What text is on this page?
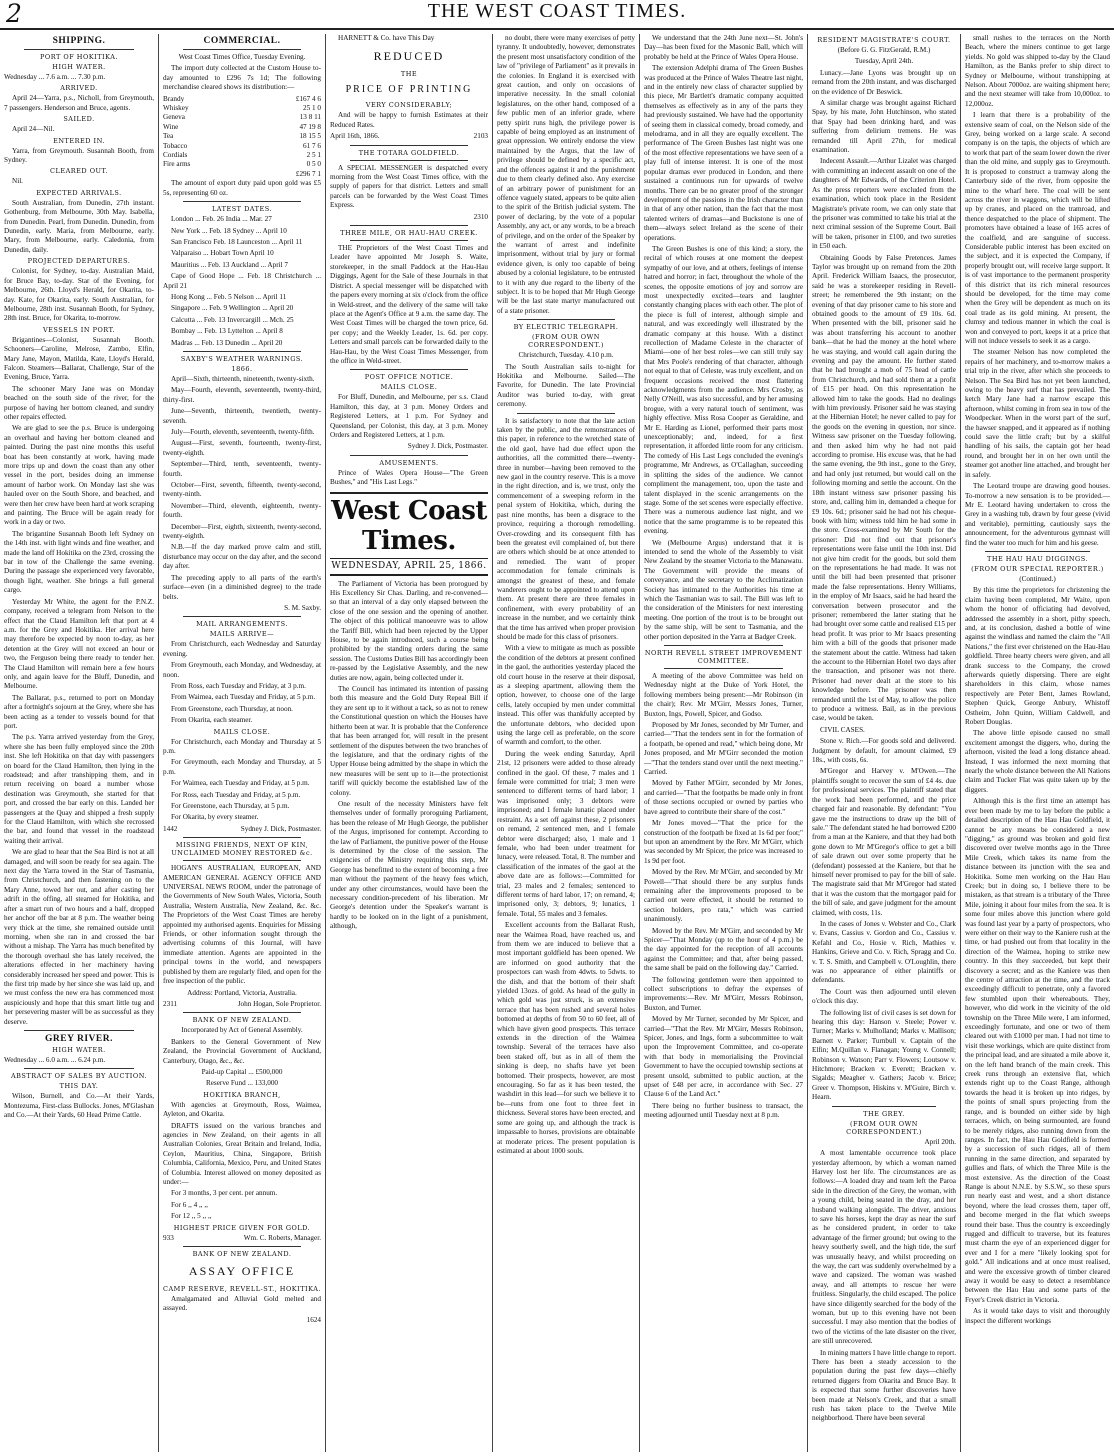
2	THE WEST COAST TIMES.
SHIPPING.
PORT OF HOKITIKA.
HIGH WATER.
Wednesday ... 7.6 a.m. ... 7.30 p.m.
ARRIVED.

April 24—Yarra, p.s., Nicholl, from Greymouth, 7 passengers. Henderson and Bruce, agents.

SAILED.

April 24—Nil.

ENTERED IN.

Yarra, from Greymouth. Susannah Booth, from Sydney.

CLEARED OUT.

Nil.

EXPECTED ARRIVALS.

South Australian, from Dunedin, 27th instant. Gothenburg, from Melbourne, 30th May. Isabella, from Dunedin. Pearl, from Dunedin. Dunedin, from Dunedin, early. Maria, from Melbourne, early. Mary, from Melbourne, early. Caledonia, from Dunedin, daily.

PROJECTED DEPARTURES.

Colonist, for Sydney, to-day. Australian Maid, for Bruce Bay, to-day. Star of the Evening, for Melbourne, 26th. Lloyd's Herald, for Okarita, to-day. Kate, for Okarita, early. South Australian, for Melbourne, 28th inst. Susannah Booth, for Sydney, 28th inst. Bruce, for Okarita, to-morrow.

VESSELS IN PORT.

Brigantines—Colonist, Susannah Booth. Schooners—Caroline, Melrose, Zambo, Elfin, Mary Jane, Mayon, Matilda, Kate, Lloyd's Herald, Falcon. Steamers—Ballarat, Challenge, Star of the Evening, Bruce, Yarra.

The schooner Mary Jane was on Monday beached on the south side of the river, for the purpose of having her bottom cleaned, and sundry other repairs effected.

We are glad to see the p.s. Bruce is undergoing an overhaul and having her bottom cleaned and painted. During the past nine months this useful boat has been constantly at work, having made more trips up and down the coast than any other vessel in the port, besides doing an immense amount of harbor work. On Monday last she was hauled over on the South Shore, and beached, and were then her crew have been hard at work scraping and painting. The Bruce will be again ready for work in a day or two.

The brigantine Susannah Booth left Sydney on the 14th inst. with light winds and fine weather, and made the land off Hokitika on the 23rd, crossing the bar in tow of the Challenge the same evening. During the passage she experienced very favorable, though light, weather. She brings a full general cargo.

Yesterday Mr White, the agent for the P.N.Z. company, received a telegram from Nelson to the effect that the Claud Hamilton left that port at 4 a.m. for the Grey and Hokitika. Her arrival here may therefore be expected by noon to-day, as her detention at the Grey will not exceed an hour or two, the Ferguson being there ready to tender her. The Claud Hamilton will remain here a few hours only, and again leave for the Bluff, Dunedin, and Melbourne.

The Ballarat, p.s., returned to port on Monday after a fortnight's sojourn at the Grey, where she has been acting as a tender to vessels bound for that port.

The p.s. Yarra arrived yesterday from the Grey, where she has been fully employed since the 20th inst. She left Hokitika on that day with passengers on board for the Claud Hamilton, then lying in the roadstead; and after transhipping them, and in return receiving on board a number whose destination was Greymouth, she started for that port, and crossed the bar early on this. Landed her passengers at the Quay and shipped a fresh supply for the Claud Hamilton, with which she recrossed the bar, and found that vessel in the roadstead waiting their arrival.

We are glad to hear that the Sea Bird is not at all damaged, and will soon be ready for sea again. The next day the Yarra towed in the Star of Tasmania, from Christchurch, and then fastening on to the Mary Anne, towed her out, and after casting her adrift in the offing, all steamed for Hokitika, and after a smart run of two hours and a half, dropped her anchor off the bar at 8 p.m. The weather being very thick at the time, she remained outside until morning, when she ran in and crossed the bar without a mishap. The Yarra has much benefited by the thorough overhaul she has lately received, the alterations effected in her machinery having considerably increased her speed and power. This is the first trip made by her since she was laid up, and we must confess the new era has commenced most auspiciously and hope that this smart little tug and her persevering master will be as successful as they deserve.

GREY RIVER.
HIGH WATER.
Wednesday ... 6.0 a.m. ... 6.24 p.m.
ABSTRACT OF SALES BY AUCTION.
THIS DAY.

Wilson, Burnell, and Co.—At their Yards, Montezuma, First-class Bullocks. Jones, M'Glashan and Co.—At their Yards, 60 Head Prime Cattle.

COMMERCIAL.

West Coast Times Office, Tuesday Evening.

The import duty collected at the Custom House to-day amounted to £296 7s 1d; The following merchandise cleared shows its distribution:—

Brandy	£167 4 6
Whiskey	25 1 0
Geneva	13 8 11
Wine	47 19 8
Tea	18 15 5
Tobacco	61 7 6
Cordials	2 5 1
Fire arms	0 5 0
£296 7 1

The amount of export duty paid upon gold was £5 5s, representing 60 oz.

LATEST DATES.

London ... Feb. 26 India ... Mar. 27

New York ... Feb. 18 Sydney ... April 10

San Francisco Feb. 18 Launceston ... April 11

Valparaiso ... Hobart Town April 10

Mauritius ... Feb. 13 Auckland ... April 7

Cape of Good Hope ... Feb. 18 Christchurch ... April 21

Hong Kong ... Feb. 5 Nelson ... April 11

Singapore ... Feb. 9 Wellington ... April 20

Calcutta ... Feb. 13 Invercargill ... Mch. 25

Bombay ... Feb. 13 Lyttelton ... April 8

Madras ... Feb. 13 Dunedin ... April 20

SAXBY'S WEATHER WARNINGS.
1866.

April—Sixth, thirteenth, nineteenth, twenty-sixth.

May—Fourth, eleventh, seventeenth, twenty-third, thirty-first.

June—Seventh, thirteenth, twentieth, twenty-seventh.

July—Fourth, eleventh, seventeenth, twenty-fifth.

August—First, seventh, fourteenth, twenty-first, twenty-eighth.

September—Third, tenth, seventeenth, twenty-fourth.

October—First, seventh, fifteenth, twenty-second, twenty-ninth.

November—Third, eleventh, eighteenth, twenty-fourth.

December—First, eighth, sixteenth, twenty-second, twenty-eighth.

N.B.—If the day marked prove calm and still, disturbance may occur on the day after, and the second day after.

The preceding apply to all parts of the earth's surface—even (in a diminished degree) to the trade belts.

S. M. Saxby.

MAIL ARRANGEMENTS.
MAILS ARRIVE—

From Christchurch, each Wednesday and Saturday evening.

From Greymouth, each Monday, and Wednesday, at noon.

From Ross, each Tuesday and Friday, at 3 p.m.

From Waimea, each Tuesday and Friday, at 5 p.m.

From Greenstone, each Thursday, at noon.

From Okarita, each steamer.

MAILS CLOSE.

For Christchurch, each Monday and Thursday at 5 p.m.

For Greymouth, each Monday and Thursday, at 5 p.m.

For Waimea, each Tuesday and Friday, at 5 p.m.

For Ross, each Tuesday and Friday, at 5 p.m.

For Greenstone, each Thursday, at 5 p.m.

For Okarita, by every steamer.

1442	Sydney J. Dick, Postmaster.
MISSING FRIENDS, NEXT OF KIN, UNCLAIMED MONEY RESTORED &c.

HOGAN'S AUSTRALIAN, EUROPEAN, AND AMERICAN GENERAL AGENCY OFFICE AND UNIVERSAL NEWS ROOM, under the patronage of the Governments of New South Wales, Victoria, South Australia, Western Australia, New Zealand, &c. &c. The Proprietors of the West Coast Times are hereby appointed my authorised agents. Enquiries for Missing Friends, or other information sought through the advertising columns of this Journal, will have immediate attention. Agents are appointed in the principal towns in the world, and newspapers published by them are regularly filed, and open for the free inspection of the public.

Address: Portland, Victoria, Australia.

2311	John Hogan, Sole Proprietor.
BANK OF NEW ZEALAND.

Incorporated by Act of General Assembly.

Bankers to the General Government of New Zealand, the Provincial Government of Auckland, Canterbury, Otago, &c., &c.

Paid-up Capital ... £500,000

Reserve Fund ... 133,000

HOKITIKA BRANCH,

With agencies at Greymouth, Ross, Waimea, Ayleton, and Okarita.

DRAFTS issued on the various branches and agencies in New Zealand, on their agents in all Australian Colonies, Great Britain and Ireland, India, Ceylon, Mauritius, China, Singapore, British Columbia, California, Mexico, Peru, and United States of Columbia. Interest allowed on money deposited as under:—

For 3 months, 3 per cent. per annum.

For 6 ,, 4 ,, ,,

For 12 ,, 5 ,, ,,

HIGHEST PRICE GIVEN FOR GOLD.
933	Wm. C. Roberts, Manager.
BANK OF NEW ZEALAND.
ASSAY OFFICE
CAMP RESERVE, REVELL-ST., HOKITIKA.

Amalgamated and Alluvial Gold melted and assayed.

1624

HARNETT & Co. have This Day

REDUCED
THE
PRICE OF PRINTING
VERY CONSIDERABLY;

And will be happy to furnish Estimates at their Reduced Rates.

April 16th, 1866.	2103
THE TOTARA GOLDFIELD.

A SPECIAL MESSENGER is despatched every morning from the West Coast Times office, with the supply of papers for that district. Letters and small parcels can be forwarded by the West Coast Times Express.

2310

THREE MILE, OR HAU-HAU CREEK.

THE Proprietors of the West Coast Times and Leader have appointed Mr Joseph S. Waite, storekeeper, in the small Paddock at the Hau-Hau Diggings, Agent for the Sale of these Journals in that District. A special messenger will be dispatched with the papers every morning at six o'clock from the office in Weld-street, and the delivery of the same will take place at the Agent's Office at 9 a.m. the same day. The West Coast Times will be charged the town price, 6d. per copy; and the Weekly Leader, 1s. 6d. per copy. Letters and small parcels can be forwarded daily to the Hau-Hau, by the West Coast Times Messenger, from the office in Weld-street.

POST OFFICE NOTICE.
MAILS CLOSE.

For Bluff, Dunedin, and Melbourne, per s.s. Claud Hamilton, this day, at 3 p.m. Money Orders and Registered Letters, at 1 p.m. For Sydney and Queensland, per Colonist, this day, at 3 p.m. Money Orders and Registered Letters, at 1 p.m.

Sydney J. Dick, Postmaster.

AMUSEMENTS.

Prince of Wales Opera House—"The Green Bushes," and "His Last Legs."

West Coast Times.
WEDNESDAY, APRIL 25, 1866.

The Parliament of Victoria has been prorogued by His Excellency Sir Chas. Darling, and re-convened—so that an interval of a day only elapsed between the close of the one session and the opening of another. The object of this political manoeuvre was to allow the Tariff Bill, which had been rejected by the Upper House, to be again introduced, such a course being prohibited by the standing orders during the same session. The Customs Duties Bill has accordingly been re-passed by the Legislative Assembly, and the new duties are now, again, being collected under it.

The Council has intimated its intention of passing both this measure and the Gold Duty Repeal Bill if they are sent up to it without a tack, so as not to renew the Constitutional question on which the Houses have hitherto been at war. It is probable that the Conference that has been arranged for, will result in the present settlement of the disputes between the two branches of the legislature, and that the ordinary rights of the Upper House being admitted by the shape in which the new measures will be sent up to it—the protectionist tariff will quickly become the established law of the colony.

One result of the necessity Ministers have felt themselves under of formally proroguing Parliament, has been the release of Mr Hugh George, the publisher of the Argus, imprisoned for contempt. According to the law of Parliament, the punitive power of the House is determined by the close of the session. The exigencies of the Ministry requiring this step, Mr George has benefitted to the extent of becoming a free man without the payment of the heavy fees which, under any other circumstances, would have been the necessary condition-precedent of his liberation. Mr George's detention under the Speaker's warrant is hardly to be looked on in the light of a punishment, although,

no doubt, there were many exercises of petty tyranny. It undoubtedly, however, demonstrates the present most unsatisfactory condition of the law of "privilege of Parliament" as it prevails in the colonies. In England it is exercised with great caution, and only on occasions of imperative necessity. In the small colonial legislatures, on the other hand, composed of a few public men of an inferior grade, where petty spirit runs high, the privilege power is capable of being employed as an instrument of great oppression. We entirely endorse the view maintained by the Argus, that the law of privilege should be defined by a specific act, and the offences against it and the punishment due to them clearly defined also. Any exercise of an arbitrary power of punishment for an offence vaguely stated, appears to be quite alien to the spirit of the British judicial system. The power of declaring, by the vote of a popular Assembly, any act, or any words, to be a breach of privilege, and on the order of the Speaker by the warrant of arrest and indefinite imprisonment, without trial by jury or formal evidence given, is only too capable of being abused by a colonial legislature, to be entrusted to it with any due regard to the liberty of the subject. It is to be hoped that Mr Hugh George will be the last state martyr manufactured out of a state prisoner.

BY ELECTRIC TELEGRAPH.
(FROM OUR OWN CORRESPONDENT.)

Christchurch, Tuesday. 4.10 p.m.

The South Australian sails to-night for Hokitika and Melbourne. Sailed—The Favorite, for Dunedin. The late Provincial Auditor was buried to-day, with great ceremony.

It is satisfactory to note that the late action taken by the public, and the remonstrances of this paper, in reference to the wretched state of the old gaol, have had due effect upon the authorities, all the committed there—twenty-three in number—having been removed to the new gaol in the country reserve. This is a move in the right direction, and is, we trust, only the commencement of a sweeping reform in the penal system of Hokitika, which, during the past nine months, has been a disgrace to the province, requiring a thorough remodelling. Over-crowding and its consequent filth has been the greatest evil complained of, but there are others which should be at once attended to and remedied. The want of proper accommodation for female criminals is amongst the greatest of these, and female wanderers ought to be appointed to attend upon them. At present there are three females in confinement, with every probability of an increase in the number, and we certainly think that the time has arrived when proper provision should be made for this class of prisoners.

With a view to mitigate as much as possible the condition of the debtors at present confined in the gaol, the authorities yesterday placed the old court house in the reserve at their disposal, as a sleeping apartment, allowing them the option, however, to choose one of the large cells, lately occupied by men under committal instead. This offer was thankfully accepted by the unfortunate debtors, who decided upon using the large cell as preferable, on the score of warmth and comfort, to the other.

During the week ending Saturday, April 21st, 12 prisoners were added to those already confined in the gaol. Of these, 7 males and 1 female were committed for trial; 3 men were sentenced to different terms of hard labor; 1 was imprisoned only; 3 debtors were imprisoned; and 1 female lunatic placed under restraint. As a set off against these, 2 prisoners on remand, 2 sentenced men, and 1 female debtor were discharged; also, 1 male and 1 female, who had been under treatment for lunacy, were released. Total, 8. The number and classification of the inmates of the gaol at the above date are as follows:—Committed for trial, 23 males and 2 females; sentenced to different terms of hard labor, 17; on remand, 4; imprisoned only, 3; debtors, 9; lunatics, 1 female. Total, 55 males and 3 females.

Excellent accounts from the Ballarat Rush, near the Waimea Road, have reached us, and from them we are induced to believe that a most important goldfield has been opened. We are informed on good authority that the prospectors can wash from 4dwts. to 5dwts. to the dish, and that the bottom of their shaft yielded 13ozs. of gold. As head of the gully in which gold was just struck, is an extensive terrace that has been rushed and several holes bottomed at depths of from 50 to 60 feet, all of which have given good prospects. This terrace extends in the direction of the Waimea township. Several of the terraces have also been staked off, but as in all of them the sinking is deep, no shafts have yet been bottomed. Their prospects, however, are most encouraging. So far as it has been tested, the washdirt in this lead—for such we believe it to be—runs from one foot to three feet in thickness. Several stores have been erected, and some are going up, and although the track is impassable to horses, provisions are obtainable at moderate prices. The present population is estimated at about 1000 souls.

We understand that the 24th June next—St. John's Day—has been fixed for the Masonic Ball, which will probably be held at the Prince of Wales Opera House.

The extension Adelphi drama of The Green Bushes was produced at the Prince of Wales Theatre last night, and in the entirely new class of character supplied by this piece, Mr Bartlett's dramatic company acquitted themselves as effectively as in any of the parts they had previously sustained. We have had the opportunity of seeing them in classical comedy, broad comedy, and melodrama, and in all they are equally excellent. The performance of The Green Bushes last night was one of the most effective representations we have seen of a play full of intense interest. It is one of the most popular dramas ever produced in London, and there sustained a continuous run for upwards of twelve months. There can be no greater proof of the stronger development of the passions in the Irish character than in that of any other nation, than the fact that the most talented writers of dramas—and Buckstone is one of them—always select Ireland as the scene of their operations.

The Green Bushes is one of this kind; a story, the recital of which rouses at one moment the deepest sympathy of our love, and at others, feelings of intense hatred and horror; in fact, throughout the whole of the scenes, the opposite emotions of joy and sorrow are most unexpectedly excited—tears and laughter constantly changing places with each other. The plot of the piece is full of interest, although simple and natural, and was exceedingly well illustrated by the dramatic company at this house. With a distinct recollection of Madame Celeste in the character of Miami—one of her best roles—we can still truly say that Mrs Poole's rendering of that character, although not equal to that of Celeste, was truly excellent, and on frequent occasions received the most flattering acknowledgments from the audience. Mrs Crosby, as Nelly O'Neill, was also successful, and by her amusing brogue, with a very natural touch of sentiment, was highly effective. Miss Rosa Cooper as Geraldine, and Mr E. Harding as Lionel, performed their parts most unexceptionably; and, indeed, for a first representation, it afforded little room for any criticism. The comedy of His Last Legs concluded the evening's programme, Mr Andrews, as O'Callaghan, succeeding in splitting the sides of the audience. We cannot compliment the management, too, upon the taste and talent displayed in the scenic arrangements on the stage. Some of the set scenes were especially effective. There was a numerous audience last night, and we notice that the same programme is to be repeated this evening.

We (Melbourne Argus) understand that it is intended to send the whole of the Assembly to visit New Zealand by the steamer Victoria to the Manawatu. The Government will provide the means of conveyance, and the secretary to the Acclimatization Society has intimated to the Authorities his time at which the Tasmanian was to sail. The Bill was left to the consideration of the Ministers for next interesting meeting. One portion of the trout is to be brought out by the same ship, will be sent to Tasmania, and the other portion deposited in the Yarra at Badger Creek.

NORTH REVELL STREET IMPROVEMENT COMMITTEE.

A meeting of the above Committee was held on Wednesday night at the Duke of York Hotel, the following members being present:—Mr Robinson (in the chair); Rev. Mr M'Girr, Messrs Jones, Turner, Buxton, Ings, Powell, Spicer, and Godso.

Proposed by Mr Jones, seconded by Mr Turner, and carried—"That the tenders sent in for the formation of a footpath, be opened and read," which being done, Mr Jones proposed, and Mr M'Girr seconded the motion—"That the tenders stand over until the next meeting." Carried.

Moved by Father M'Girr, seconded by Mr Jones, and carried—"That the footpaths be made only in front of those sections occupied or owned by parties who have agreed to contribute their share of the cost."

Mr Jones moved—"That the price for the construction of the footpath be fixed at 1s 6d per foot;" but upon an amendment by the Rev. Mr M'Girr, which was seconded by Mr Spicer, the price was increased to 1s 9d per foot.

Moved by the Rev. Mr M'Girr, and seconded by Mr Powell—"That should there be any surplus funds remaining after the improvements proposed to be carried out were effected, it should be returned to section holders, pro rata," which was carried unanimously.

Moved by the Rev. Mr M'Girr, and seconded by Mr Spicer—"That Monday (up to the hour of 4 p.m.) be the day appointed for the reception of all accounts against the Committee; and that, after being passed, the same shall be paid on the following day." Carried.

The following gentlemen were then appointed to collect subscriptions to defray the expenses of improvements:—Rev. Mr M'Girr, Messrs Robinson, Buxton, and Turner.

Moved by Mr Turner, seconded by Mr Spicer, and carried—"That the Rev. Mr M'Girr, Messrs Robinson, Spicer, Jones, and Ings, form a subcommittee to wait upon the Improvement Committee, and co-operate with that body in memorialising the Provincial Government to have the occupied township sections at present unsold, submitted to public auction, at the upset of £48 per acre, in accordance with Sec. 27 Clause 6 of the Land Act."

There being no further business to transact, the meeting adjourned until Tuesday next at 8 p.m.

RESIDENT MAGISTRATE'S COURT.

(Before G. G. FitzGerald, R.M.)

Tuesday, April 24th.

Lunacy.—Jane Lyons was brought up on remand from the 20th instant, and was discharged on the evidence of Dr Beswick.

A similar charge was brought against Richard Spay, by his mate, John Hutchinson, who stated that Spay had been drinking hard, and was suffering from delirium tremens. He was remanded till April 27th, for medical examination.

Indecent Assault.—Arthur Lizalet was charged with committing an indecent assault on one of the daughters of Mr Edwards, of the Criterion Hotel. As the press reporters were excluded from the examination, which took place in the Resident Magistrate's private room, we can only state that the prisoner was committed to take his trial at the next criminal session of the Supreme Court. Bail will be taken, prisoner in £100, and two sureties in £50 each.

Obtaining Goods by False Pretences. James Taylor was brought up on remand from the 20th April. Frederick William Isaacs, the prosecutor, said he was a storekeeper residing in Revell-street; he remembered the 9th instant; on the evening of that day prisoner came to his store and obtained goods to the amount of £9 10s. 6d. When presented with the bill, prisoner said he was about transferring his account to another bank—that he had the money at the hotel where he was staying, and would call again during the evening and pay the amount. He further stated that he had brought a mob of 75 head of cattle from Christchurch, and had sold them at a profit of £15 per head. On this representation he allowed him to take the goods. Had no dealings with him previously. Prisoner said he was staying at the Hibernian Hotel; he never called to pay for the goods on the evening in question, nor since. Witness saw prisoner on the Tuesday following, and then asked him why he had not paid according to promise. His excuse was, that he had the same evening, the 9th inst., gone to the Grey, and had only just returned, but would call on the following morning and settle the account. On the 18th instant witness saw prisoner passing his store, and, calling him in, demanded a cheque for £9 10s. 6d.; prisoner said he had not his cheque-book with him; witness told him he had some in the store. Cross-examined by Mr South for the prisoner: Did not find out that prisoner's representations were false until the 10th inst. Did not give him credit for the goods, but sold them on the representations he had made. It was not until the bill had been presented that prisoner made the false representations. Henry Williams, in the employ of Mr Isaacs, said he had heard the conversation between prosecutor and the prisoner; remembered the latter stating that he had brought over some cattle and realised £15 per head profit. It was prior to Mr Isaacs presenting him with a bill of the goods that prisoner made the statement about the cattle. Witness had taken the account to the Hibernian Hotel two days after the transaction, and prisoner was not there. Prisoner had never dealt at the store to his knowledge before. The prisoner was then remanded until the 1st of May, to allow the police to produce a witness. Bail, as in the previous case, would be taken.

CIVIL CASES.

Stone v. Rich.—For goods sold and delivered. Judgment by default, for amount claimed, £9 18s., with costs, 6s.

M'Gregor and Harvey v. M'Owen.—The plaintiffs sought to recover the sum of £4 4s. due for professional services. The plaintiff stated that the work had been performed, and the price charged fair and reasonable. By defendant: "You gave me the instructions to draw up the bill of sale." The defendant stated he had borrowed £200 from a man at the Kaniere, and that they had both gone down to Mr M'Gregor's office to get a bill of sale drawn out over some property that he (defendant) possessed at the Kaniere, but that he himself never promised to pay for the bill of sale. The magistrate said that Mr M'Gregor had stated that it was the custom that the mortgagor paid for the bill of sale, and gave judgment for the amount claimed, with costs, 11s.

In the cases of Jones v. Webster and Co., Clark v. Evans, Cassius v. Gordon and Co., Cassius v. Kefahl and Co., Hosie v. Rich, Mathies v. Hankins, Grieve and Co. v. Rich, Spragg and Co. v. T. S. Smith, and Campbell v. O'Loughlin, there was no appearance of either plaintiffs or defendants.

The Court was then adjourned until eleven o'clock this day.

The following list of civil cases is set down for hearing this day: Hanson v. Steele; Power v. Turner; Marks v. Mulholland; Marks v. Mallison; Barnett v. Parker; Turnbull v. Captain of the Elfin; M.Quillan v. Flanagan; Young v. Connell; Robinson v. Watson; Parr v. Flowers; Loutsow v. Hitchmore; Bracken v. Everett; Bracken v. Sigalds; Meagher v. Gathers; Jacob v. Brice; Greer v. Thompson, Hiskins v. M'Guire, Birch v. Hearn.

THE GREY.
(FROM OUR OWN CORRESPONDENT.)

April 20th.

A most lamentable occurrence took place yesterday afternoon, by which a woman named Harvey lost her life. The circumstances are as follows:—A loaded dray and team left the Paroa side in the direction of the Grey, the woman, with a young child, being seated in the dray, and her husband walking alongside. The driver, anxious to save his horses, kept the dray as near the surf as he considered prudent, in order to take advantage of the firmer ground; but owing to the heavy southerly swell, and the high tide, the surf was unusually heavy, and whilst proceeding on the way, the cart was suddenly overwhelmed by a wave and capsized. The woman was washed away, and all attempts to rescue her were fruitless. Singularly, the child escaped. The police have since diligently searched for the body of the woman, but up to this evening have not been successful. I may also mention that the bodies of two of the victims of the late disaster on the river, are still unrecovered.

In mining matters I have little change to report. There has been a steady accession to the population during the past few days—chiefly returned diggers from Okarita and Bruce Bay. It is expected that some further discoveries have been made at Nelson's Creek, and that a small rush has taken place to the Twelve Mile neighborhood. There have been several

small rushes to the terraces on the North Beach, where the miners continue to get large yields. No gold was shipped to-day by the Claud Hamilton, as the Banks prefer to ship direct to Sydney or Melbourne, without transhipping at Nelson. About 7000oz. are waiting shipment here; and the next steamer will take from 10,000oz. to 12,000oz.

I learn that there is a probability of the extensive seam of coal, on the Nelson side of the Grey, being worked on a large scale. A second company is on the tapis, the objects of which are to work that part of the seam lower down the river than the old mine, and supply gas to Greymouth. It is proposed to construct a tramway along the Canterbury side of the river, from opposite the mine to the wharf here. The coal will be sent across the river in waggons, which will be lifted up by cranes, and placed on the tramroad, and thence despatched to the place of shipment. The promoters have obtained a lease of 165 acres of the coalfield, and are sanguine of success. Considerable public interest has been excited on the subject, and it is expected the Company, if properly brought out, will receive large support. It is of vast importance to the permanent prosperity of this district that its rich mineral resources should be developed, for the time may come when the Grey will be dependent as much on its coal trade as its gold mining. At present, the clumsy and tedious manner in which the coal is won and conveyed to port, keeps it at a price that will not induce vessels to seek it as a cargo.

The steamer Nelson has now completed the repairs of her machinery, and to-morrow makes a trial trip in the river, after which she proceeds to Nelson. The Sea Bird has not yet been launched, owing to the heavy surf that has prevailed. The ketch Mary Jane had a narrow escape this afternoon, whilst coming in from sea in tow of the Woodpecker. When in the worst part of the surf, the hawser snapped, and it appeared as if nothing could save the little craft; but by a skilful handling of his sails, the captain got her head round, and brought her in on her own until the steamer got another line attached, and brought her in safely.

The Leotard troupe are drawing good houses. To-morrow a new sensation is to be provided.—Mr E. Leotard having undertaken to cross the Grey in a washing tub, drawn by four geese (vivid and veritable), permitting, cautiously says the announcement, for the adventurous gymnast will find the water too much for him and his geese.

THE HAU HAU DIGGINGS.
(FROM OUR SPECIAL REPORTER.)

(Continued.)

By this time the proprietors for christening the claim having been completed, Mr Waite, upon whom the honor of officiating had devolved, addressed the assembly in a short, pithy speech, and, at its conclusion, dashed a bottle of wine against the windlass and named the claim the "All Nations," the first ever christened on the Hau-Hau goldfield. Three hearty cheers were given, and all drank success to the Company, the crowd afterwards quietly dispersing. There are eight shareholders in this claim, whose names respectively are Peter Bent, James Rowland, Stephen Quick, George Anbury, Whistoff Ostheim, John Quinn, William Caldwell, and Robert Douglas.

The above little episode caused no small excitement amongst the diggers, who, during the afternoon, visited the lead a long distance ahead. Instead, I was informed the next morning that nearly the whole distance between the All Nations claim and Tucker Flat was quite taken up by the diggers.

Although this is the first time an attempt has ever been made by me to lay before the public a detailed description of the Hau Hau Goldfield, it cannot be any means be considered a new "digging," as ground was broken and gold first discovered over twelve months ago in the Three Mile Creek, which takes its name from the distance between its junction with the sea and Hokitika. Some men working on the Hau Hau Creek; but in doing so, I believe there to be mistaken, as that stream is a tributary of the Three Mile, joining it about four miles from the sea. It is some four miles above this junction where gold was found last year by a party of prospectors, who were either on their way to the Kaniere rush at the time, or had pushed out from that locality in the direction of the Waimea, hoping to strike new country. In this they succeeded, but kept their discovery a secret; and as the Kaniere was then the centre of attraction at the time, and the track exceedingly difficult to penetrate, only a favored few stumbled upon their whereabouts. They, however, who did work in the vicinity of the old township on the Three Mile were, I am informed, exceedingly fortunate, and one or two of them cleared out with £1000 per man. I had not time to visit these workings, which are quite distinct from the principal lead, and are situated a mile above it, on the left hand branch of the main creek. This creek runs through an extensive flat, which extends right up to the Coast Range, although towards the head it is broken up into ridges, by the points of small spurs projecting from the range, and is bounded on either side by high terraces, which, on being surmounted, are found to be merely ridges, also running down from the ranges. In fact, the Hau Hau Goldfield is formed by a succession of such ridges, all of them running in the same direction, and separated by gullies and flats, of which the Three Mile is the most extensive. As the direction of the Coast Range is about N.N.E. by S.S.W., so these spurs run nearly east and west, and a short distance beyond, where the lead crosses them, taper off, and become merged in the flat which sweeps round their base. Thus the country is exceedingly rugged and difficult to traverse, but its features must charm the eye of an experienced digger for ever and I for a mere "likely looking spot for gold." All indications and at once must realised, and were the excessive growth of timber cleared away it would be easy to detect a resemblance between the Hau Hau and some parts of the Fryer's Creek district in Victoria.

As it would take days to visit and thoroughly inspect the different workings
